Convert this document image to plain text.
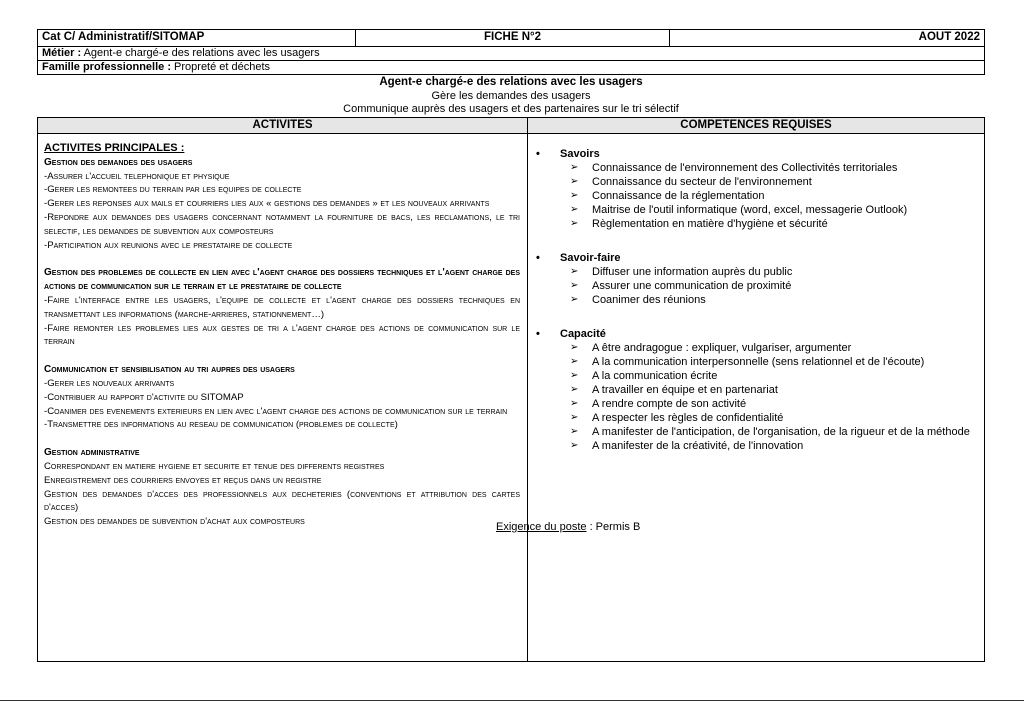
Cat C/ Administratif/SITOMAP	FICHE N°2	AOUT 2022
Métier : Agent-e chargé-e des relations avec les usagers
Famille professionnelle : Propreté et déchets
Agent-e chargé-e des relations avec les usagers
Gère les demandes des usagers
Communique auprès des usagers et des partenaires sur le tri sélectif
ACTIVITES	COMPETENCES REQUISES
ACTIVITES PRINCIPALES :
Gestion des demandes des usagers
-Assurer l'accueil telephonique et physique
-Gerer les remontees du terrain par les equipes de collecte
-Gerer les reponses aux mails et courriers lies aux « gestions des demandes » et les nouveaux arrivants
-Repondre aux demandes des usagers concernant notamment la fourniture de bacs, les reclamations, le tri selectif, les demandes de subvention aux composteurs
-Participation aux reunions avec le prestataire de collecte
Gestion des problemes de collecte en lien avec l'agent charge des dossiers techniques et l'agent charge des actions de communication sur le terrain et le prestataire de collecte
-Faire l'interface entre les usagers, l'equipe de collecte et l'agent charge des dossiers techniques en transmettant les informations (marche-arrieres, stationnement…)
-Faire remonter les problemes lies aux gestes de tri a l'agent charge des actions de communication sur le terrain
Communication et sensibilisation au tri aupres des usagers
-Gerer les nouveaux arrivants
-Contribuer au rapport d'activite du SITOMAP
-Coanimer des evenements exterieurs en lien avec l'agent charge des actions de communication sur le terrain
-Transmettre des informations au reseau de communication (problemes de collecte)
Gestion administrative
Correspondant en matiere hygiene et securite et tenue des differents registres
Enregistrement des courriers envoyes et reçus dans un registre
Gestion des demandes d'acces des professionnels aux decheteries (conventions et attribution des cartes d'acces)
Gestion des demandes de subvention d'achat aux composteurs
• Savoirs
➢ Connaissance de l'environnement des Collectivités territoriales
➢ Connaissance du secteur de l'environnement
➢ Connaissance de la réglementation
➢ Maitrise de l'outil informatique (word, excel, messagerie Outlook)
➢ Règlementation en matière d'hygiène et sécurité
• Savoir-faire
➢ Diffuser une information auprès du public
➢ Assurer une communication de proximité
➢ Coanimer des réunions
• Capacité
➢ A être andragogue : expliquer, vulgariser, argumenter
➢ A la communication interpersonnelle (sens relationnel et de l'écoute)
➢ A la communication écrite
➢ A travailler en équipe et en partenariat
➢ A rendre compte de son activité
➢ A respecter les règles de confidentialité
➢ A manifester de l'anticipation, de l'organisation, de la rigueur et de la méthode
➢ A manifester de la créativité, de l'innovation
Exigence du poste : Permis B
